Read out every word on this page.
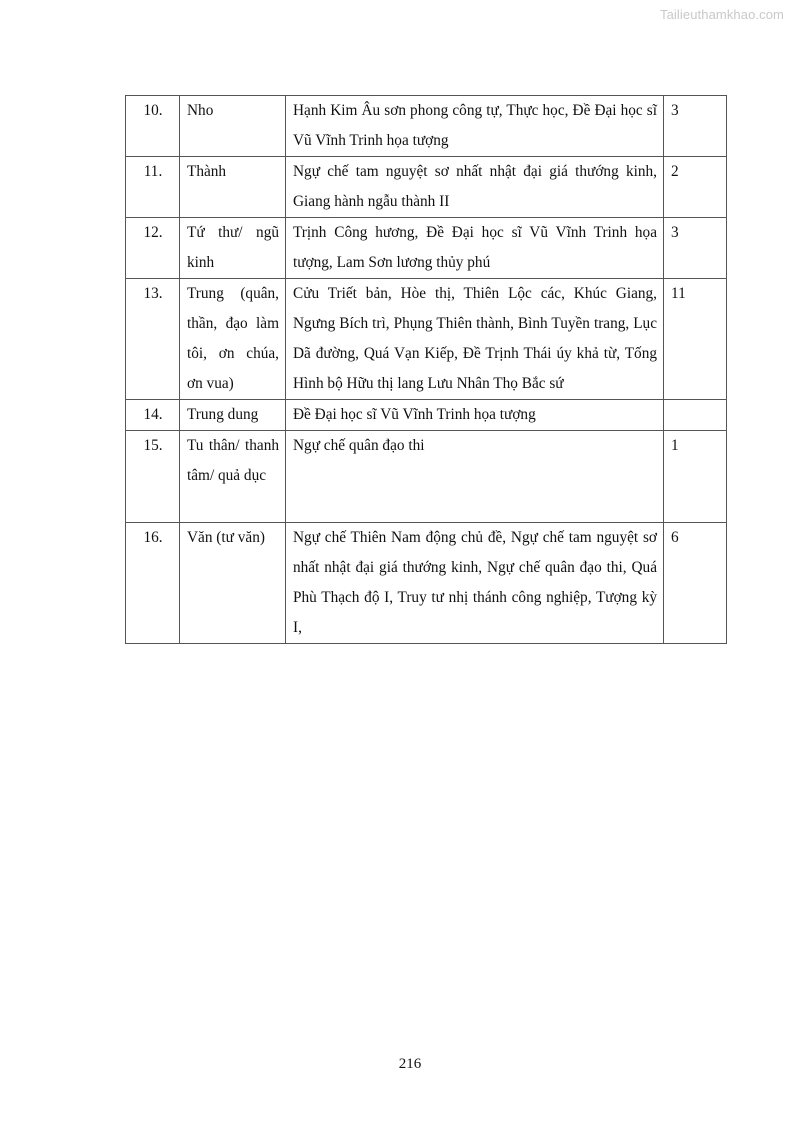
Tailieuthamkhao.com
10.	Nho	Hạnh Kim Âu sơn phong công tự, Thực học, Đề Đại học sĩ Vũ Vĩnh Trinh họa tượng	3
11.	Thành	Ngự chế tam nguyệt sơ nhất nhật đại giá thướng kinh, Giang hành ngẫu thành II	2
12.	Tứ thư/ ngũ kinh	Trịnh Công hương, Đề Đại học sĩ Vũ Vĩnh Trinh họa tượng, Lam Sơn lương thủy phú	3
13.	Trung (quân, thần, đạo làm tôi, ơn chúa, ơn vua)	Cửu Triết bản, Hòe thị, Thiên Lộc các, Khúc Giang, Ngưng Bích trì, Phụng Thiên thành, Bình Tuyền trang, Lục Dã đường, Quá Vạn Kiếp, Đề Trịnh Thái úy khả từ, Tống Hình bộ Hữu thị lang Lưu Nhân Thọ Bắc sứ	11
14.	Trung dung	Đề Đại học sĩ Vũ Vĩnh Trinh họa tượng	
15.	Tu thân/ thanh tâm/ quả dục	Ngự chế quân đạo thi	1
16.	Văn (tư văn)	Ngự chế Thiên Nam động chủ đề, Ngự chế tam nguyệt sơ nhất nhật đại giá thướng kinh, Ngự chế quân đạo thi, Quá Phù Thạch độ I, Truy tư nhị thánh công nghiệp, Tượng kỳ I,	6
216
